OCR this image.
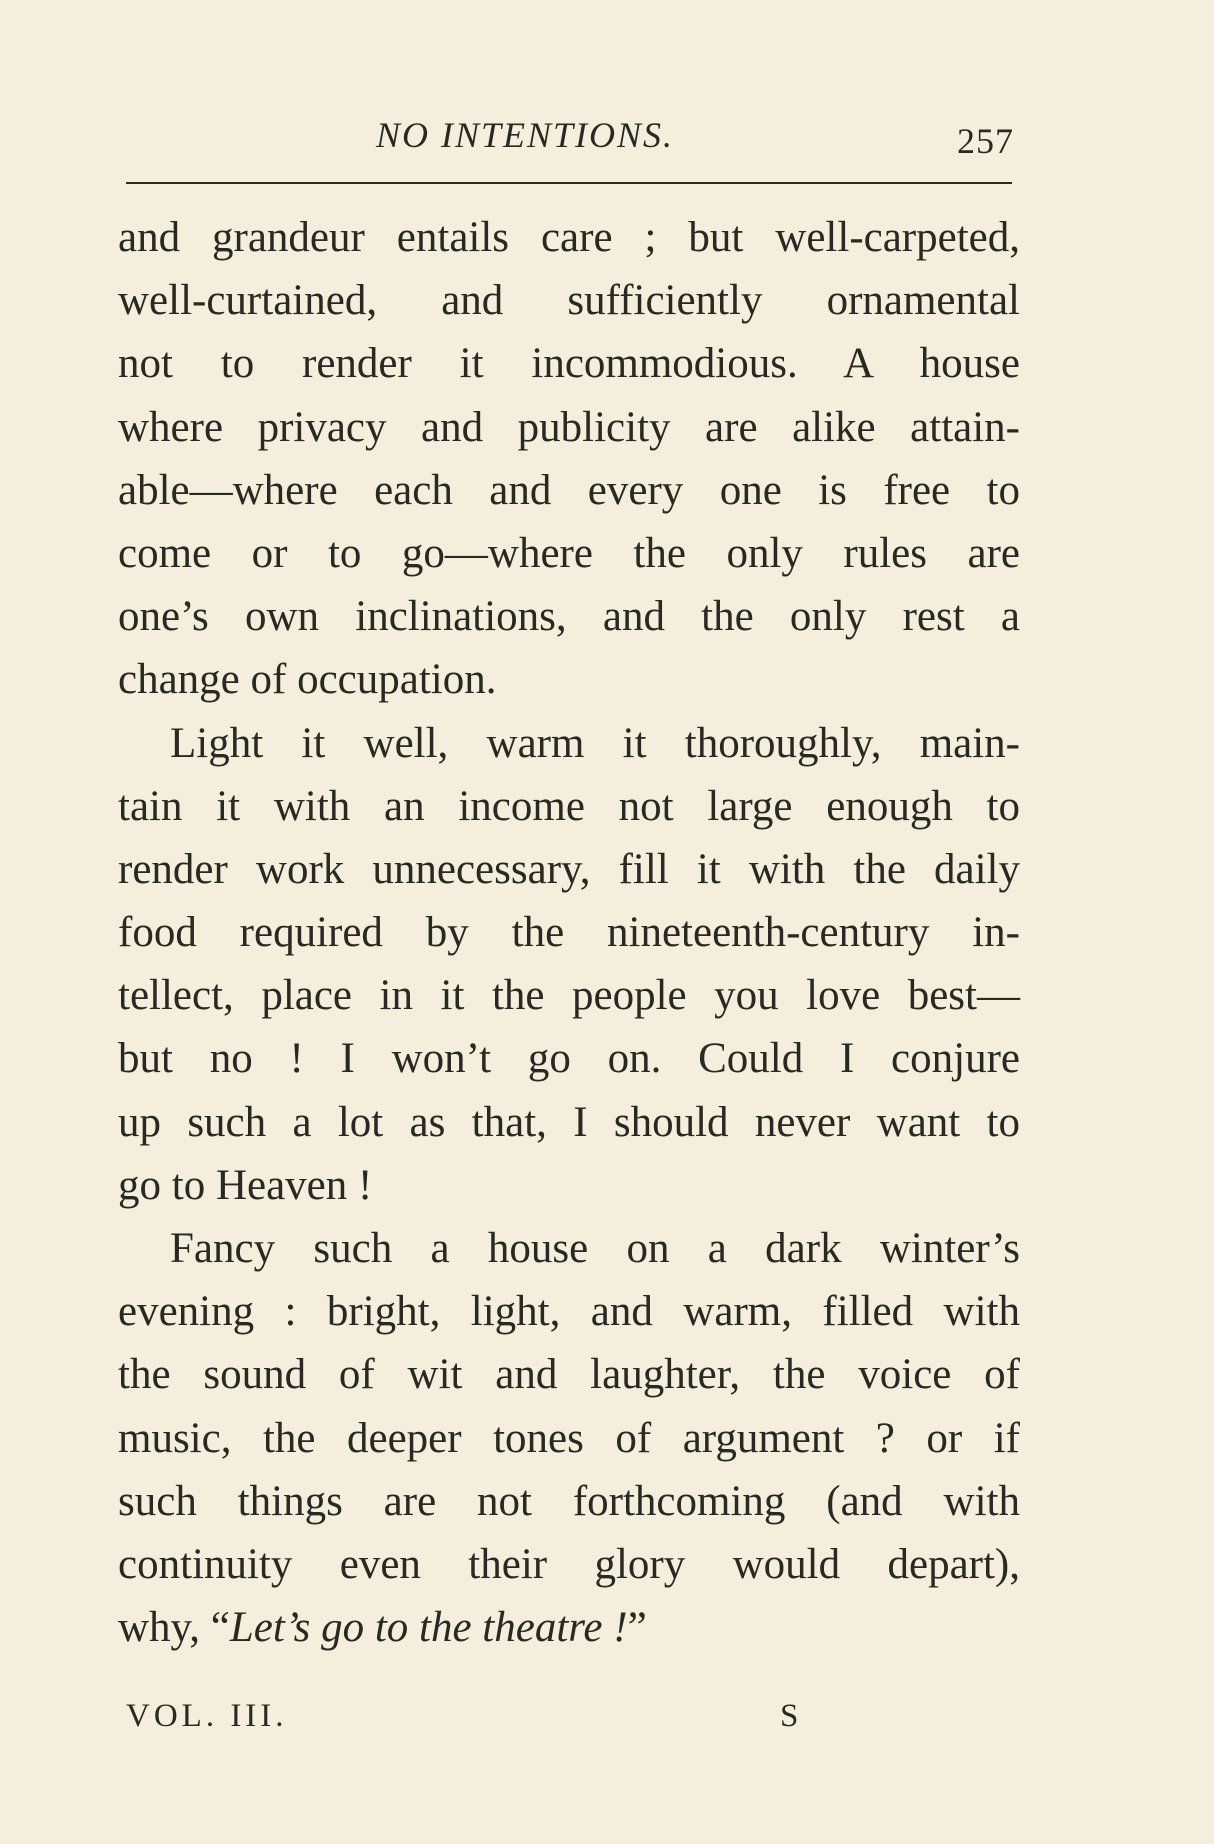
NO INTENTIONS.	257
and grandeur entails care ; but well-carpeted,
well-curtained, and sufficiently ornamental
not to render it incommodious. A house
where privacy and publicity are alike attain-
able—where each and every one is free to
come or to go—where the only rules are
one’s own inclinations, and the only rest a
change of occupation.
Light it well, warm it thoroughly, main-
tain it with an income not large enough to
render work unnecessary, fill it with the daily
food required by the nineteenth-century in-
tellect, place in it the people you love best—
but no ! I won’t go on. Could I conjure
up such a lot as that, I should never want to
go to Heaven !
Fancy such a house on a dark winter’s
evening : bright, light, and warm, filled with
the sound of wit and laughter, the voice of
music, the deeper tones of argument ? or if
such things are not forthcoming (and with
continuity even their glory would depart),
why, “Let’s go to the theatre !”
VOL. III.	S
